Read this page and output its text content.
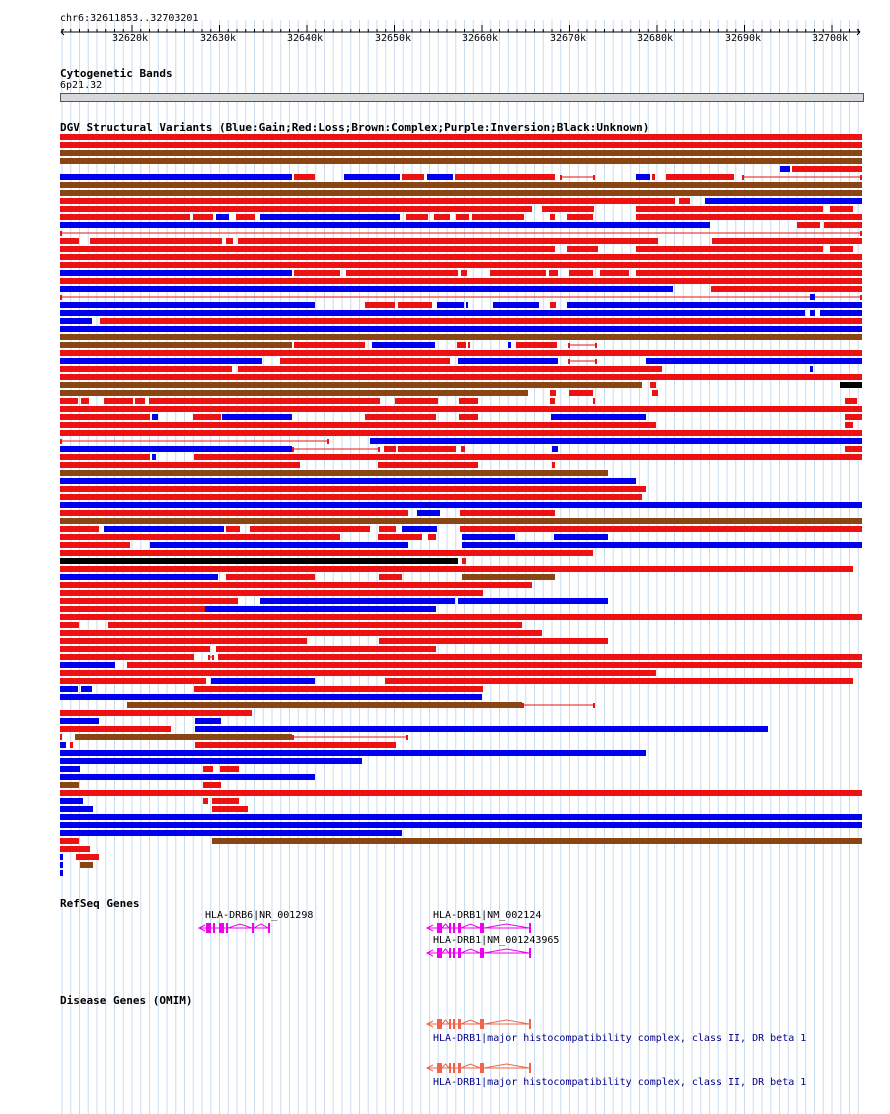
chr6:32611853..32703201
32620k	32630k	32640k	32650k	32660k	32670k	32680k	32690k	32700k
Cytogenetic Bands
6p21.32
DGV Structural Variants (Blue:Gain;Red:Loss;Brown:Complex;Purple:Inversion;Black:Unknown)
RefSeq Genes
HLA-DRB6|NR_001298	HLA-DRB1|NM_002124
HLA-DRB1|NM_001243965
Disease Genes (OMIM)
HLA-DRB1|major histocompatibility complex, class II, DR beta 1
HLA-DRB1|major histocompatibility complex, class II, DR beta 1
